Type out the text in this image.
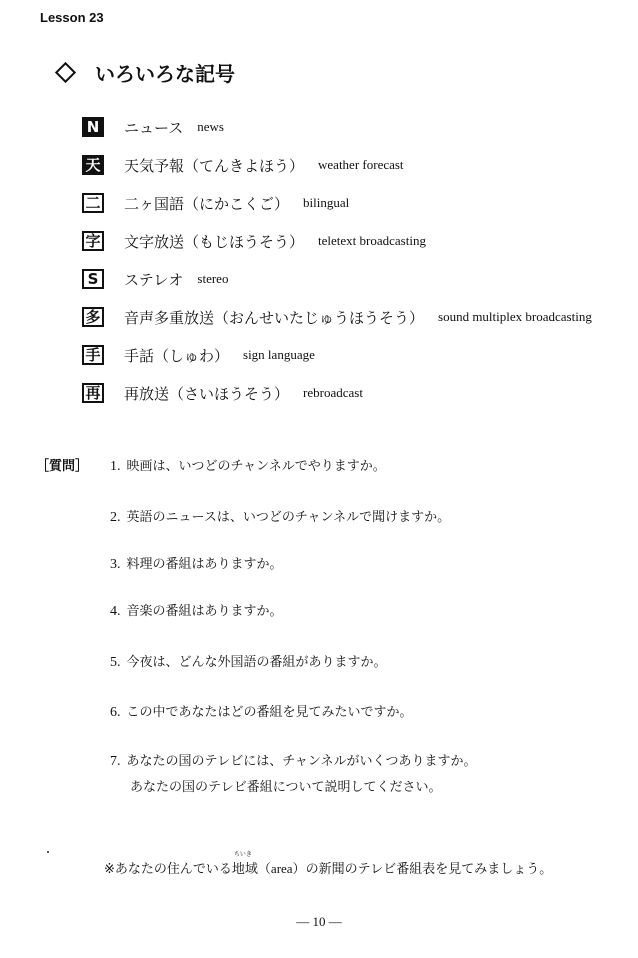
Lesson 23
いろいろな記号
N	ニュース news
天 天気予報（てんきよほう） weather forecast
二 二ヶ国語（にかこくご） bilingual
字 文字放送（もじほうそう） teletext broadcasting
S	ステレオ stereo
多 音声多重放送（おんせいたじゅうほうそう） sound multiplex broadcasting
手 手話（しゅわ） sign language
再 再放送（さいほうそう） rebroadcast
［質問］ 1. 映画は、いつどのチャンネルでやりますか。
2. 英語のニュースは、いつどのチャンネルで聞けますか。
3. 料理の番組はありますか。
4. 音楽の番組はありますか。
5. 今夜は、どんな外国語の番組がありますか。
6. この中であなたはどの番組を見てみたいですか。
7. あなたの国のテレビには、チャンネルがいくつありますか。
あなたの国のテレビ番組について説明してください。
※あなたの住んでいる
ちいき
地域（area）の新聞のテレビ番組表を見てみましょう。
― 10 ―
